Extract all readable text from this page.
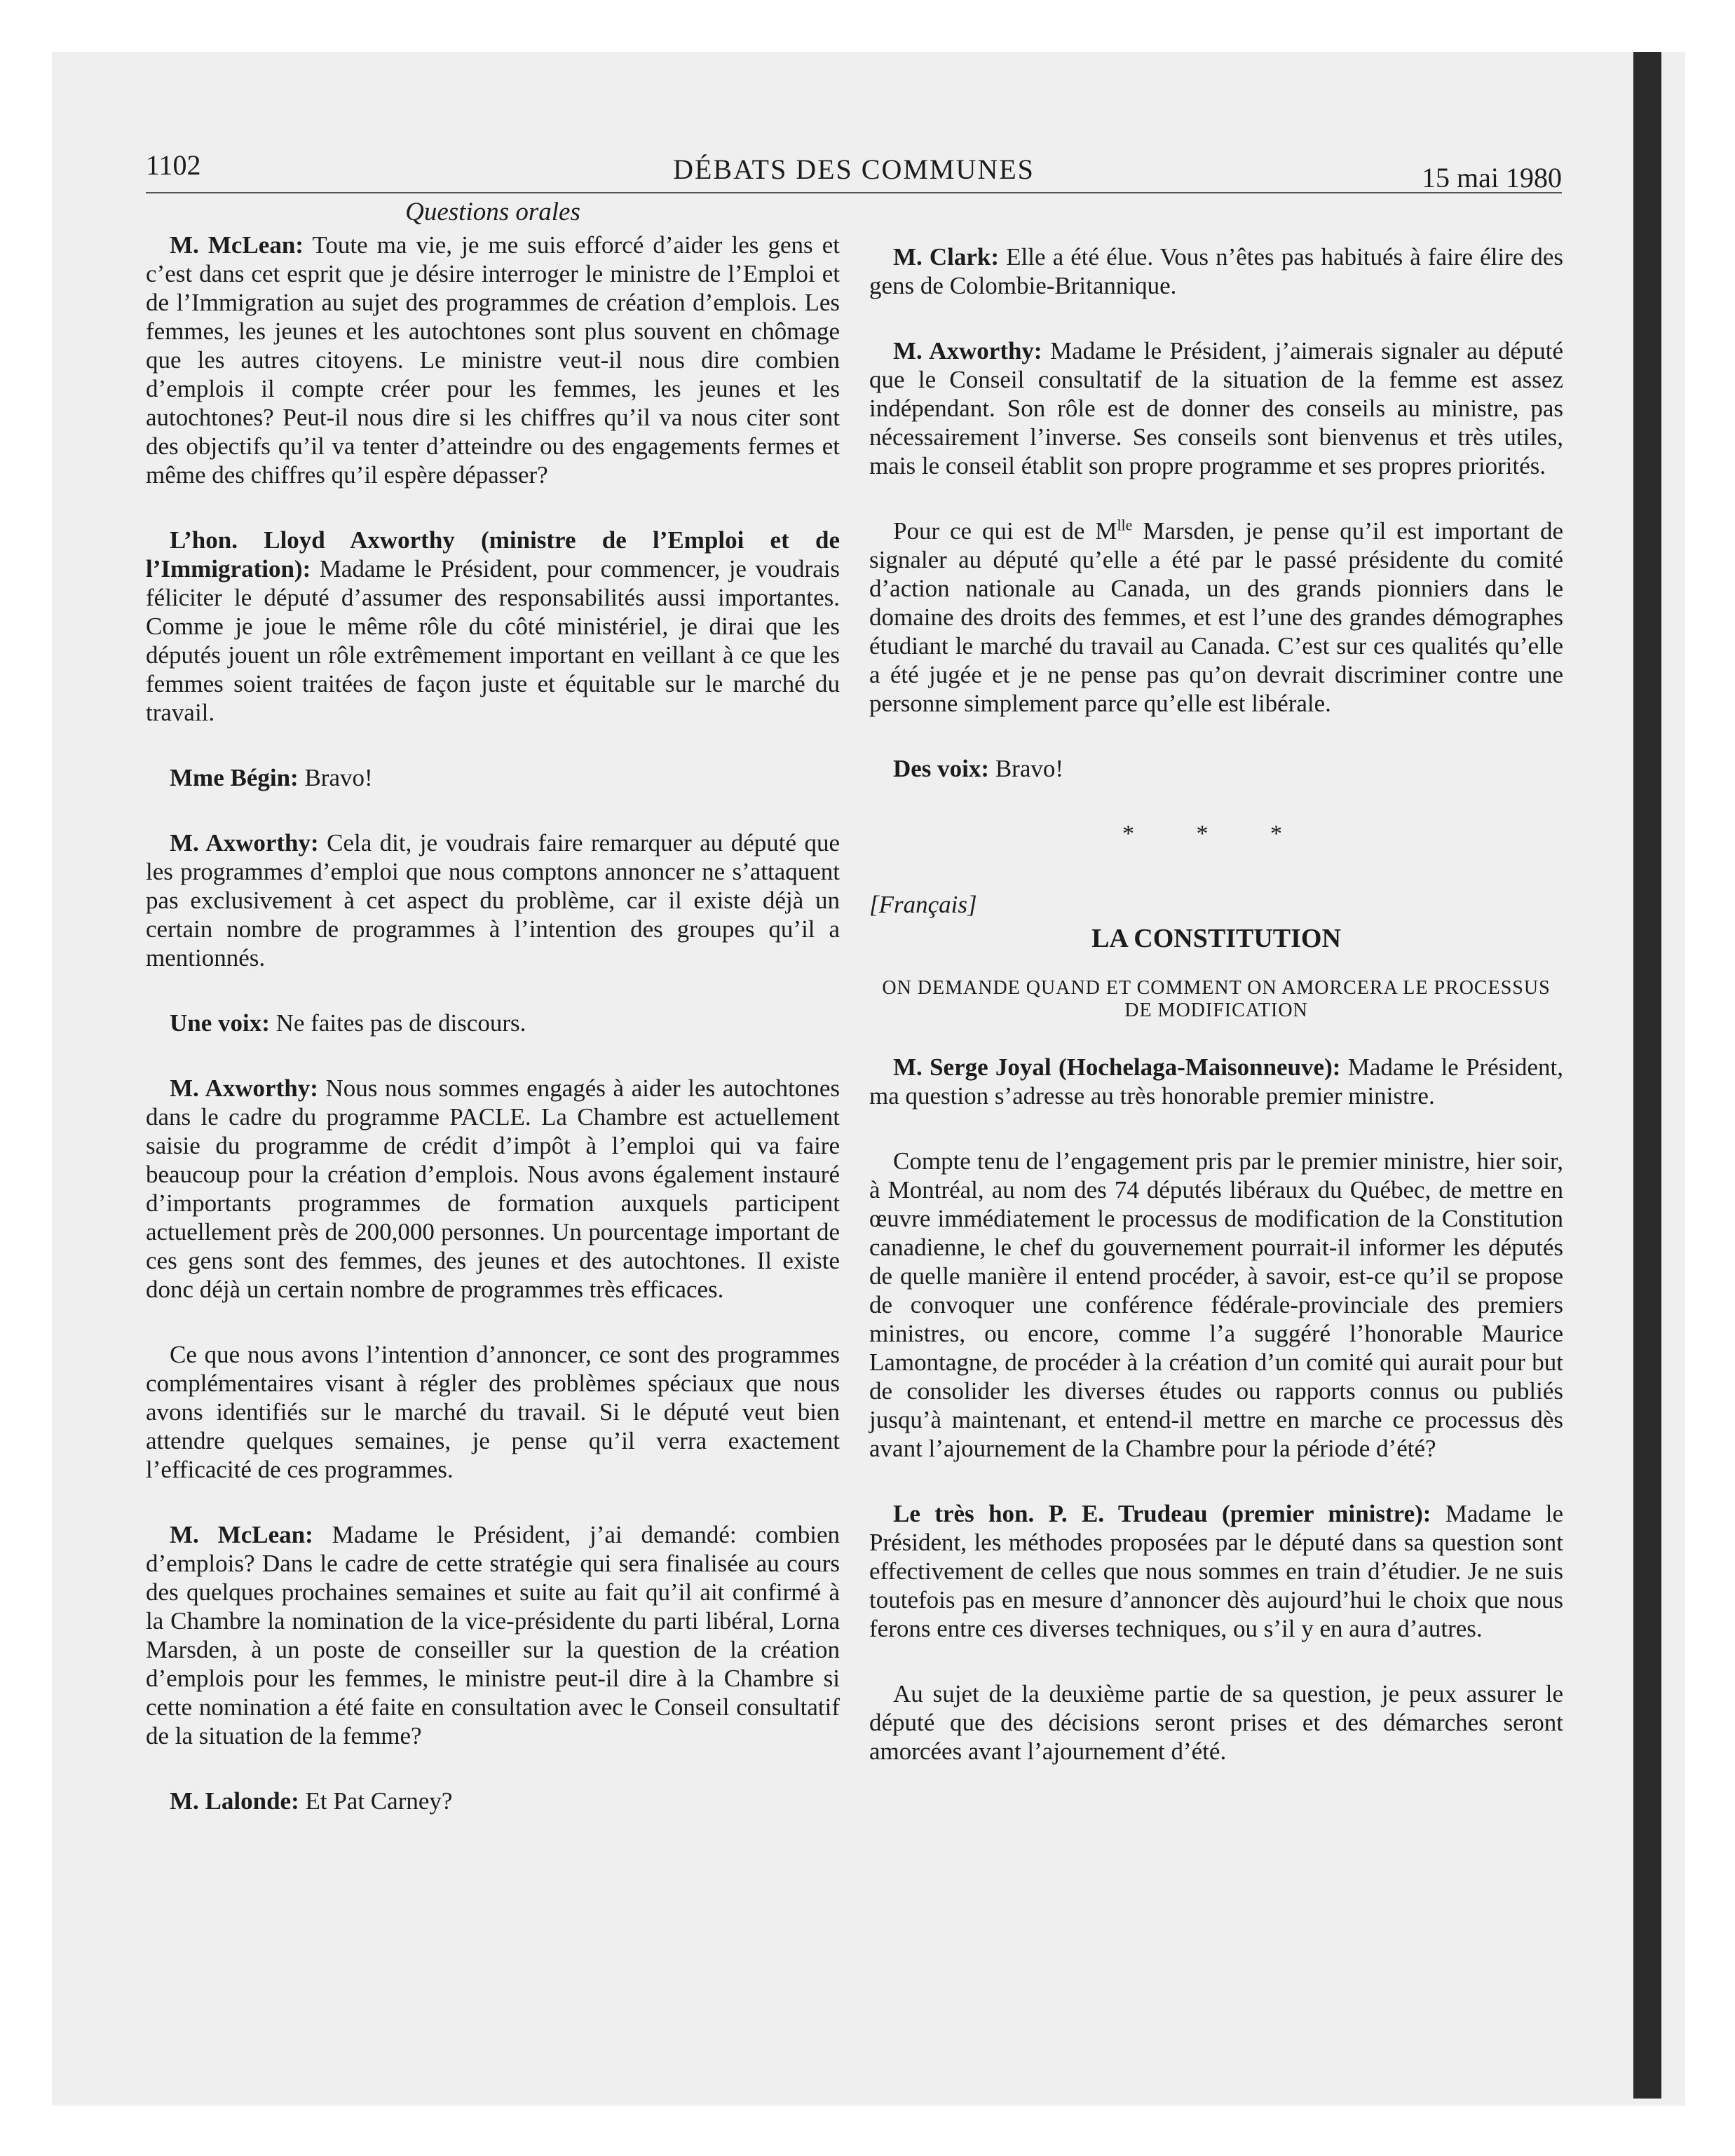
1102	DÉBATS DES COMMUNES	15 mai 1980

Questions orales

M. McLean: Toute ma vie, je me suis efforcé d’aider les gens et c’est dans cet esprit que je désire interroger le ministre de l’Emploi et de l’Immigration au sujet des programmes de création d’emplois. Les femmes, les jeunes et les autochtones sont plus souvent en chômage que les autres citoyens. Le ministre veut-il nous dire combien d’emplois il compte créer pour les femmes, les jeunes et les autochtones? Peut-il nous dire si les chiffres qu’il va nous citer sont des objectifs qu’il va tenter d’atteindre ou des engagements fermes et même des chiffres qu’il espère dépasser?

L’hon. Lloyd Axworthy (ministre de l’Emploi et de l’Immigration): Madame le Président, pour commencer, je voudrais féliciter le député d’assumer des responsabilités aussi importantes. Comme je joue le même rôle du côté ministériel, je dirai que les députés jouent un rôle extrêmement important en veillant à ce que les femmes soient traitées de façon juste et équitable sur le marché du travail.

Mme Bégin: Bravo!

M. Axworthy: Cela dit, je voudrais faire remarquer au député que les programmes d’emploi que nous comptons annoncer ne s’attaquent pas exclusivement à cet aspect du problème, car il existe déjà un certain nombre de programmes à l’intention des groupes qu’il a mentionnés.

Une voix: Ne faites pas de discours.

M. Axworthy: Nous nous sommes engagés à aider les autochtones dans le cadre du programme PACLE. La Chambre est actuellement saisie du programme de crédit d’impôt à l’emploi qui va faire beaucoup pour la création d’emplois. Nous avons également instauré d’importants programmes de formation auxquels participent actuellement près de 200,000 personnes. Un pourcentage important de ces gens sont des femmes, des jeunes et des autochtones. Il existe donc déjà un certain nombre de programmes très efficaces.

Ce que nous avons l’intention d’annoncer, ce sont des programmes complémentaires visant à régler des problèmes spéciaux que nous avons identifiés sur le marché du travail. Si le député veut bien attendre quelques semaines, je pense qu’il verra exactement l’efficacité de ces programmes.

M. McLean: Madame le Président, j’ai demandé: combien d’emplois? Dans le cadre de cette stratégie qui sera finalisée au cours des quelques prochaines semaines et suite au fait qu’il ait confirmé à la Chambre la nomination de la vice-présidente du parti libéral, Lorna Marsden, à un poste de conseiller sur la question de la création d’emplois pour les femmes, le ministre peut-il dire à la Chambre si cette nomination a été faite en consultation avec le Conseil consultatif de la situation de la femme?

M. Lalonde: Et Pat Carney?

M. Clark: Elle a été élue. Vous n’êtes pas habitués à faire élire des gens de Colombie-Britannique.

M. Axworthy: Madame le Président, j’aimerais signaler au député que le Conseil consultatif de la situation de la femme est assez indépendant. Son rôle est de donner des conseils au ministre, pas nécessairement l’inverse. Ses conseils sont bienvenus et très utiles, mais le conseil établit son propre programme et ses propres priorités.

Pour ce qui est de $M^{lle}$ Marsden, je pense qu’il est important de signaler au député qu’elle a été par le passé présidente du comité d’action nationale au Canada, un des grands pionniers dans le domaine des droits des femmes, et est l’une des grandes démographes étudiant le marché du travail au Canada. C’est sur ces qualités qu’elle a été jugée et je ne pense pas qu’on devrait discriminer contre une personne simplement parce qu’elle est libérale.

Des voix: Bravo!

* * *

[Français]

LA CONSTITUTION

ON DEMANDE QUAND ET COMMENT ON AMORCERA LE PROCESSUS DE MODIFICATION

M. Serge Joyal (Hochelaga-Maisonneuve): Madame le Président, ma question s’adresse au très honorable premier ministre.

Compte tenu de l’engagement pris par le premier ministre, hier soir, à Montréal, au nom des 74 députés libéraux du Québec, de mettre en œuvre immédiatement le processus de modification de la Constitution canadienne, le chef du gouvernement pourrait-il informer les députés de quelle manière il entend procéder, à savoir, est-ce qu’il se propose de convoquer une conférence fédérale-provinciale des premiers ministres, ou encore, comme l’a suggéré l’honorable Maurice Lamontagne, de procéder à la création d’un comité qui aurait pour but de consolider les diverses études ou rapports connus ou publiés jusqu’à maintenant, et entend-il mettre en marche ce processus dès avant l’ajournement de la Chambre pour la période d’été?

Le très hon. P. E. Trudeau (premier ministre): Madame le Président, les méthodes proposées par le député dans sa question sont effectivement de celles que nous sommes en train d’étudier. Je ne suis toutefois pas en mesure d’annoncer dès aujourd’hui le choix que nous ferons entre ces diverses techniques, ou s’il y en aura d’autres.

Au sujet de la deuxième partie de sa question, je peux assurer le député que des décisions seront prises et des démarches seront amorcées avant l’ajournement d’été.
